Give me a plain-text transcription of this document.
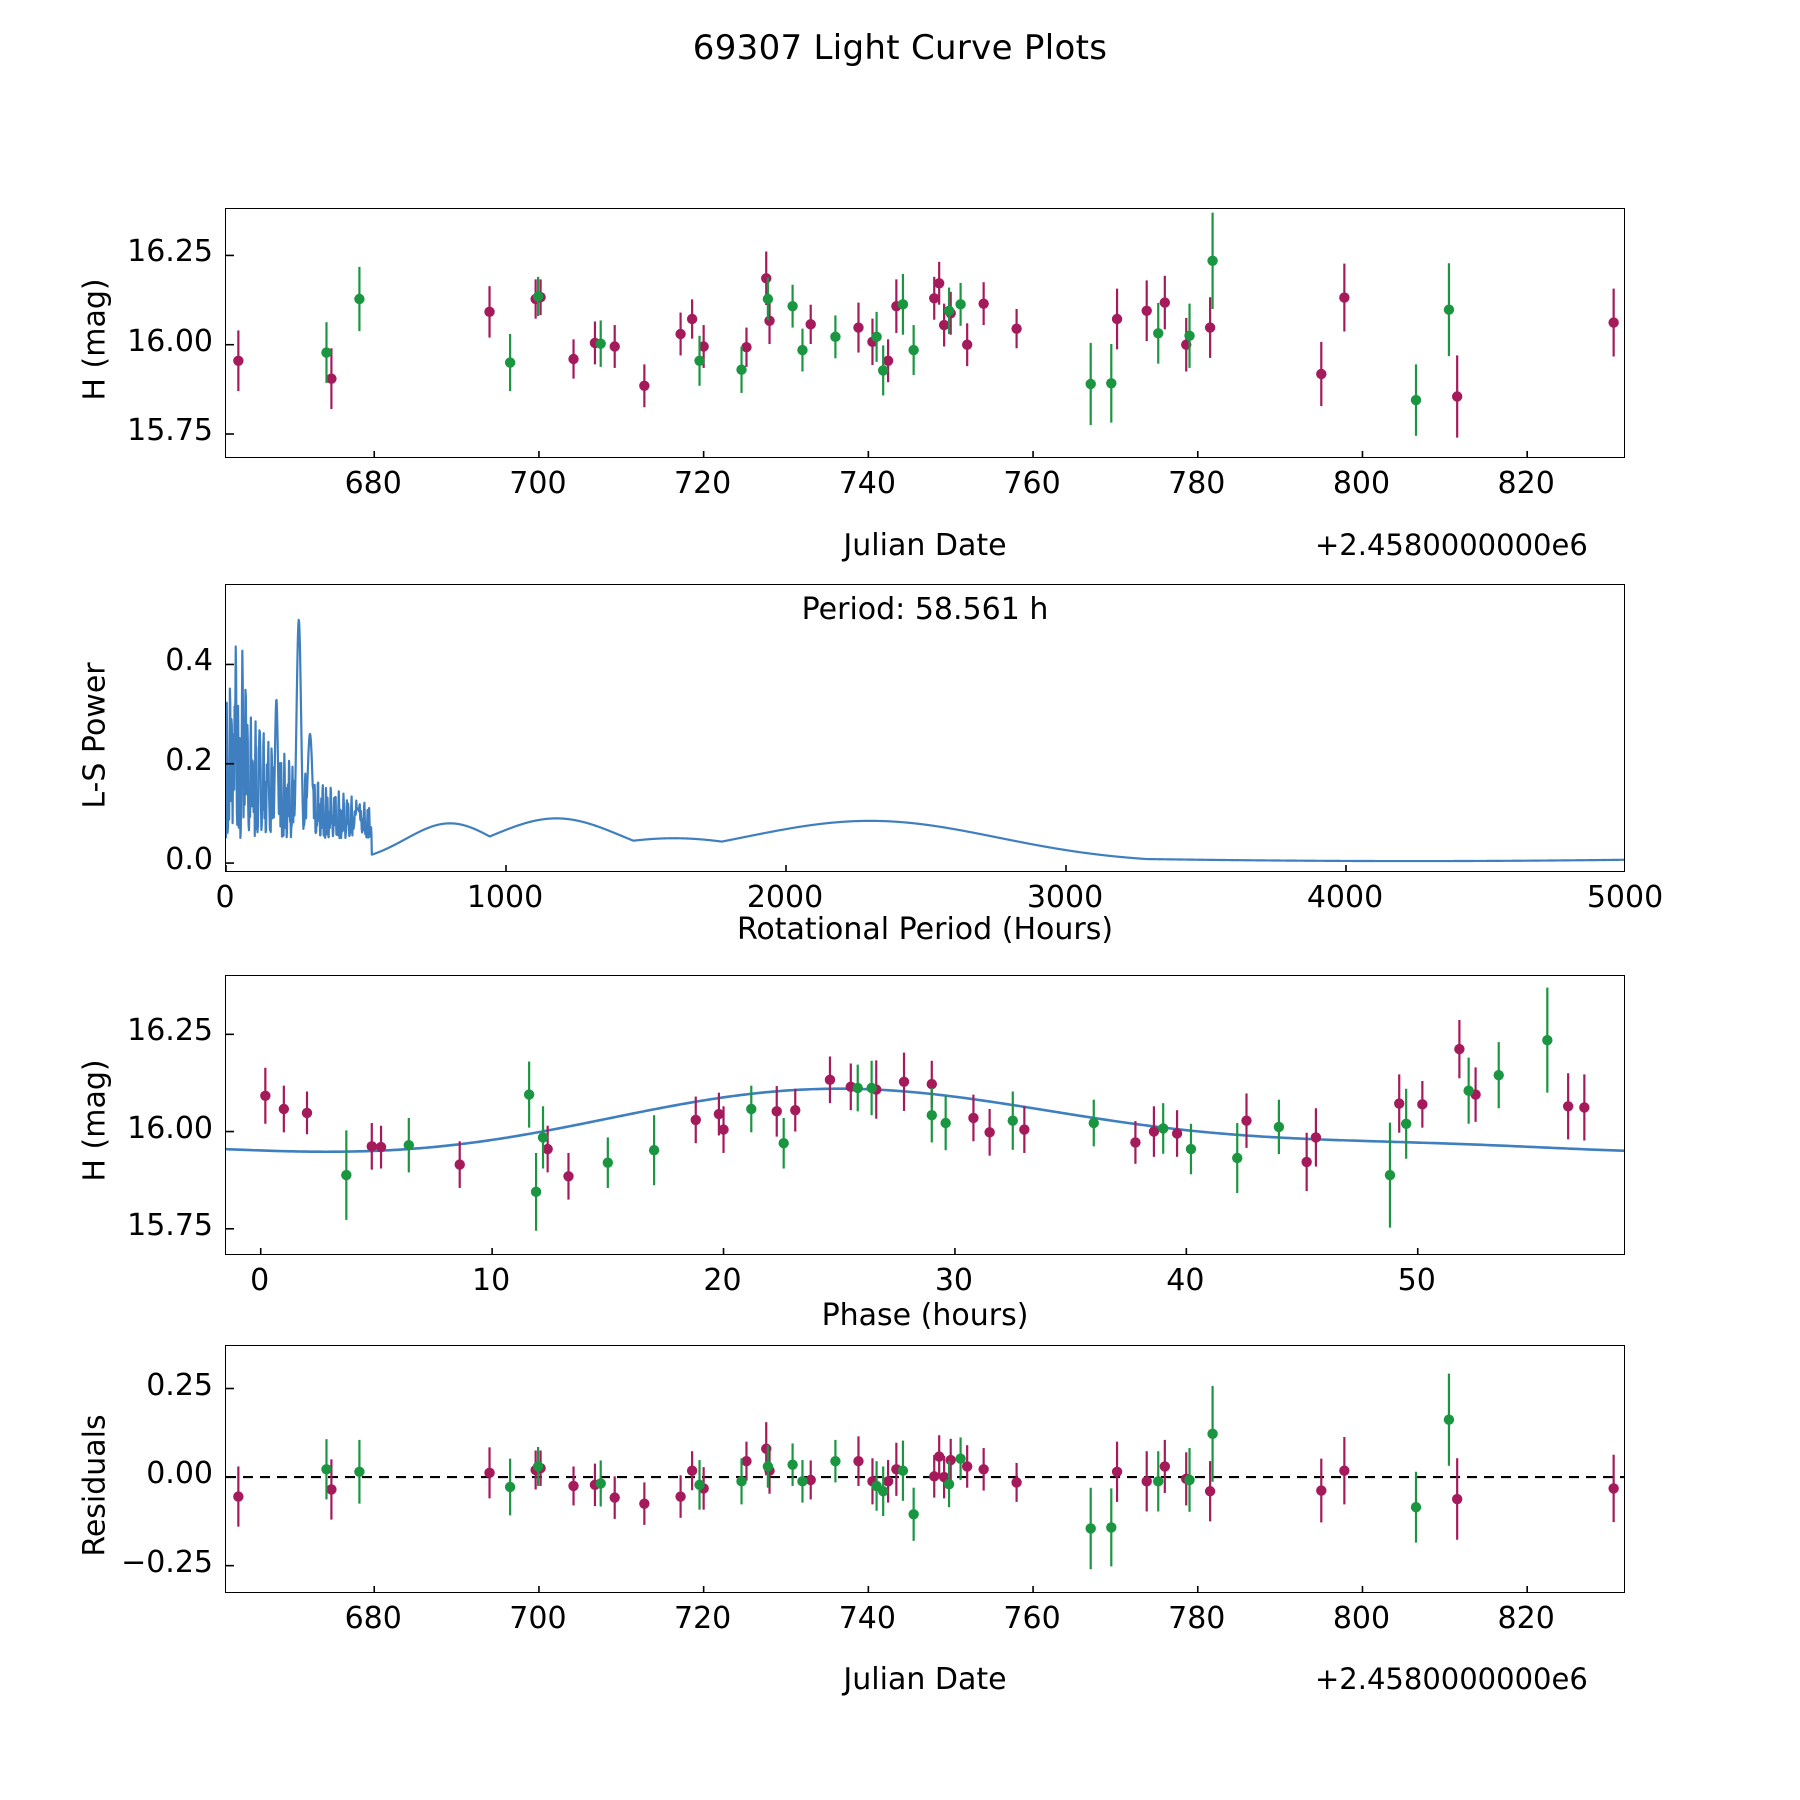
69307 Light Curve Plots
H (mag)
Julian Date	+2.4580000000e6
Period: 58.561 h
L-S Power
Rotational Period (Hours)
H (mag)
Phase (hours)
Residuals
Julian Date	+2.4580000000e6
680	700	720	740	760	780	800	820
15.75
16.00
16.25
0	1000	2000	3000	4000	5000
0.0
0.2
0.4
0	10	20	30	40	50
15.75
16.00
16.25
680	700	720	740	760	780	800	820
−0.25
0.00
0.25
